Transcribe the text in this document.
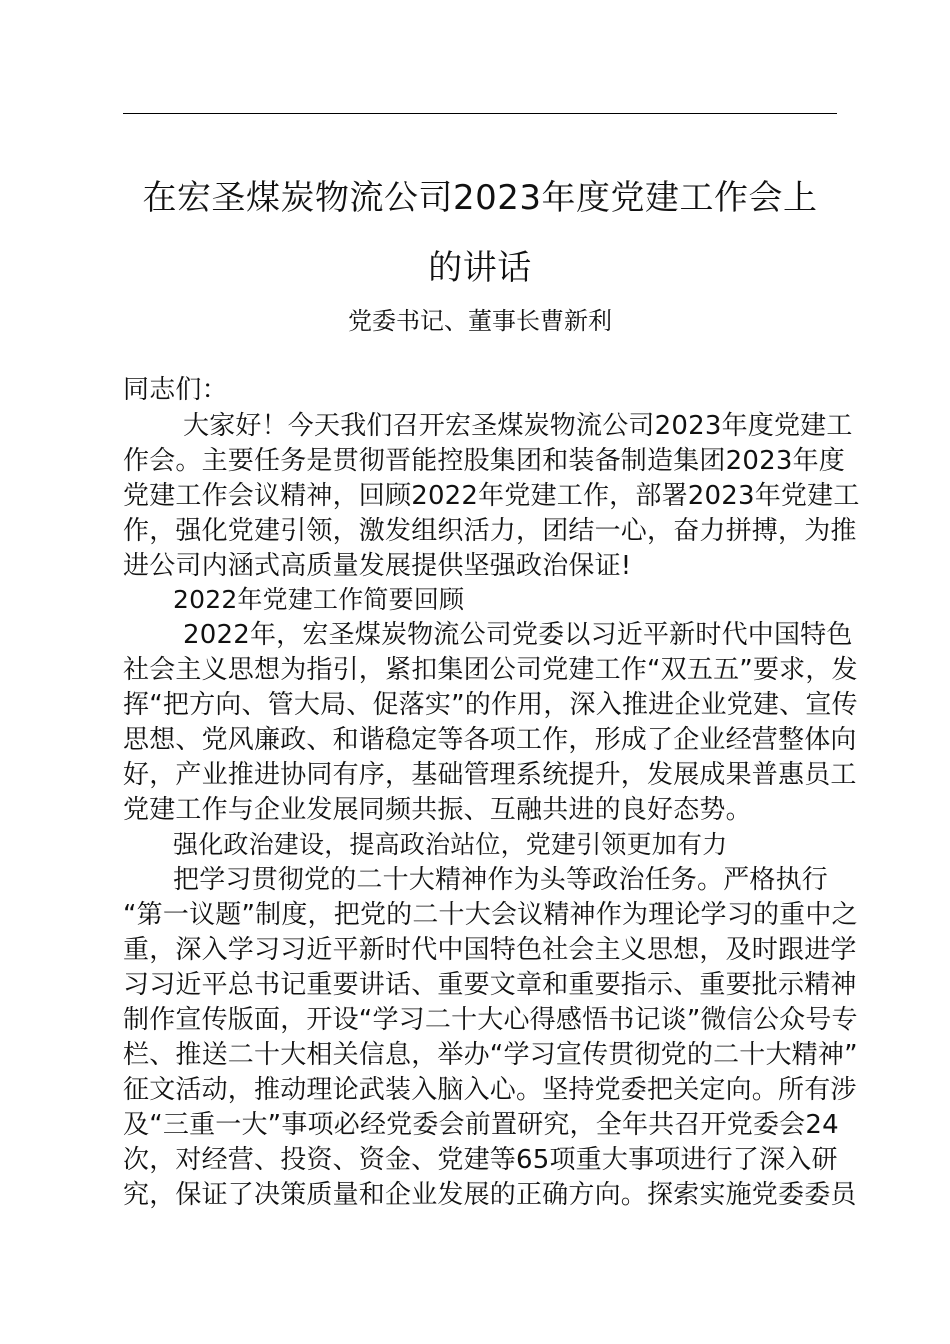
在宏圣煤炭物流公司2023年度党建工作会上
的讲话
党委书记、董事长曹新利
同志们：
大家好！今天我们召开宏圣煤炭物流公司2023年度党建工
作会。主要任务是贯彻晋能控股集团和装备制造集团2023年度
党建工作会议精神，回顾2022年党建工作，部署2023年党建工
作，强化党建引领，激发组织活力，团结一心，奋力拼搏，为推
进公司内涵式高质量发展提供坚强政治保证!
2022年党建工作简要回顾
2022年，宏圣煤炭物流公司党委以习近平新时代中国特色
社会主义思想为指引，紧扣集团公司党建工作“双五五”要求，发
挥“把方向、管大局、促落实”的作用，深入推进企业党建、宣传
思想、党风廉政、和谐稳定等各项工作，形成了企业经营整体向
好，产业推进协同有序，基础管理系统提升，发展成果普惠员工
党建工作与企业发展同频共振、互融共进的良好态势。
强化政治建设，提高政治站位，党建引领更加有力
把学习贯彻党的二十大精神作为头等政治任务。严格执行
“第一议题”制度，把党的二十大会议精神作为理论学习的重中之
重，深入学习习近平新时代中国特色社会主义思想，及时跟进学
习习近平总书记重要讲话、重要文章和重要指示、重要批示精神
制作宣传版面，开设“学习二十大心得感悟书记谈”微信公众号专
栏、推送二十大相关信息，举办“学习宣传贯彻党的二十大精神”
征文活动，推动理论武装入脑入心。坚持党委把关定向。所有涉
及“三重一大”事项必经党委会前置研究，全年共召开党委会24
次，对经营、投资、资金、党建等65项重大事项进行了深入研
究，保证了决策质量和企业发展的正确方向。探索实施党委委员
